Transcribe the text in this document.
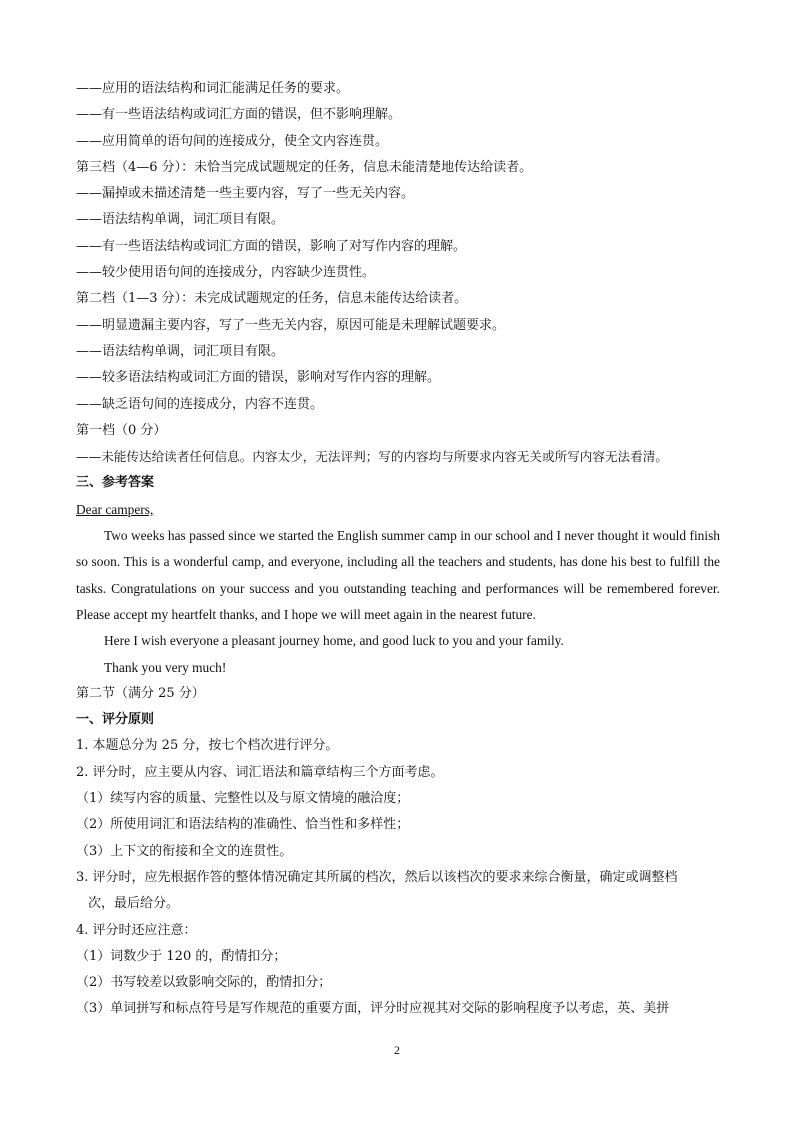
——应用的语法结构和词汇能满足任务的要求。

——有一些语法结构或词汇方面的错误，但不影响理解。

——应用简单的语句间的连接成分，使全文内容连贯。

第三档（4—6 分）：未恰当完成试题规定的任务，信息未能清楚地传达给读者。

——漏掉或未描述清楚一些主要内容，写了一些无关内容。

——语法结构单调，词汇项目有限。

——有一些语法结构或词汇方面的错误，影响了对写作内容的理解。

——较少使用语句间的连接成分，内容缺少连贯性。

第二档（1—3 分）：未完成试题规定的任务，信息未能传达给读者。

——明显遗漏主要内容，写了一些无关内容，原因可能是未理解试题要求。

——语法结构单调，词汇项目有限。

——较多语法结构或词汇方面的错误，影响对写作内容的理解。

——缺乏语句间的连接成分，内容不连贯。

第一档（0 分）

——未能传达给读者任何信息。内容太少，无法评判；写的内容均与所要求内容无关或所写内容无法看清。

三、参考答案

Dear campers,

Two weeks has passed since we started the English summer camp in our school and I never thought it would finish so soon. This is a wonderful camp, and everyone, including all the teachers and students, has done his best to fulfill the tasks. Congratulations on your success and you outstanding teaching and performances will be remembered forever. Please accept my heartfelt thanks, and I hope we will meet again in the nearest future.

Here I wish everyone a pleasant journey home, and good luck to you and your family.

Thank you very much!

第二节（满分 25 分）

一、评分原则

1. 本题总分为 25 分，按七个档次进行评分。

2. 评分时，应主要从内容、词汇语法和篇章结构三个方面考虑。

（1）续写内容的质量、完整性以及与原文情境的融洽度；

（2）所使用词汇和语法结构的准确性、恰当性和多样性；

（3）上下文的衔接和全文的连贯性。

3. 评分时，应先根据作答的整体情况确定其所属的档次，然后以该档次的要求来综合衡量，确定或调整档

次，最后给分。

4. 评分时还应注意：

（1）词数少于 120 的，酌情扣分；

（2）书写较差以致影响交际的，酌情扣分；

（3）单词拼写和标点符号是写作规范的重要方面，评分时应视其对交际的影响程度予以考虑，英、美拼

2
